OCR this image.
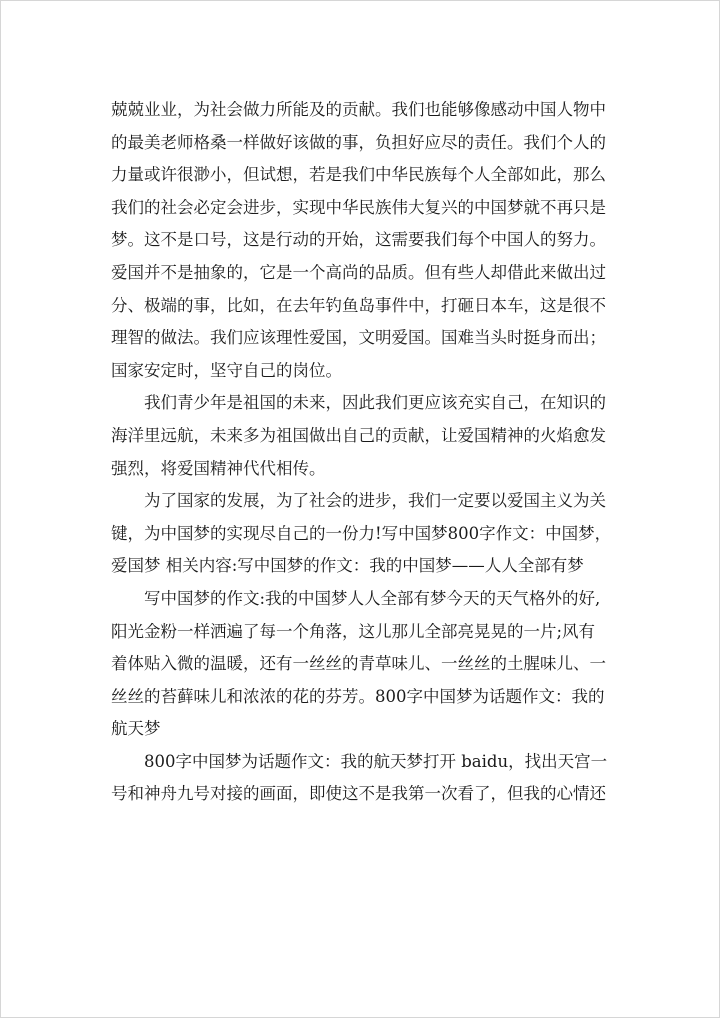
兢兢业业，为社会做力所能及的贡献。我们也能够像感动中国人物中
的最美老师格桑一样做好该做的事，负担好应尽的责任。我们个人的
力量或许很渺小，但试想，若是我们中华民族每个人全部如此，那么
我们的社会必定会进步，实现中华民族伟大复兴的中国梦就不再只是
梦。这不是口号，这是行动的开始，这需要我们每个中国人的努力。
爱国并不是抽象的，它是一个高尚的品质。但有些人却借此来做出过
分、极端的事，比如，在去年钓鱼岛事件中，打砸日本车，这是很不
理智的做法。我们应该理性爱国，文明爱国。国难当头时挺身而出；
国家安定时，坚守自己的岗位。
我们青少年是祖国的未来，因此我们更应该充实自己，在知识的
海洋里远航，未来多为祖国做出自己的贡献，让爱国精神的火焰愈发
强烈，将爱国精神代代相传。
为了国家的发展，为了社会的进步，我们一定要以爱国主义为关
键，为中国梦的实现尽自己的一份力!写中国梦800字作文：中国梦，
爱国梦 相关内容:写中国梦的作文：我的中国梦——人人全部有梦
写中国梦的作文:我的中国梦人人全部有梦今天的天气格外的好,
阳光金粉一样洒遍了每一个角落，这儿那儿全部亮晃晃的一片;风有
着体贴入微的温暖，还有一丝丝的青草味儿、一丝丝的土腥味儿、一
丝丝的苔藓味儿和浓浓的花的芬芳。800字中国梦为话题作文：我的
航天梦
800字中国梦为话题作文：我的航天梦打开 baidu，找出天宫一
号和神舟九号对接的画面，即使这不是我第一次看了，但我的心情还
